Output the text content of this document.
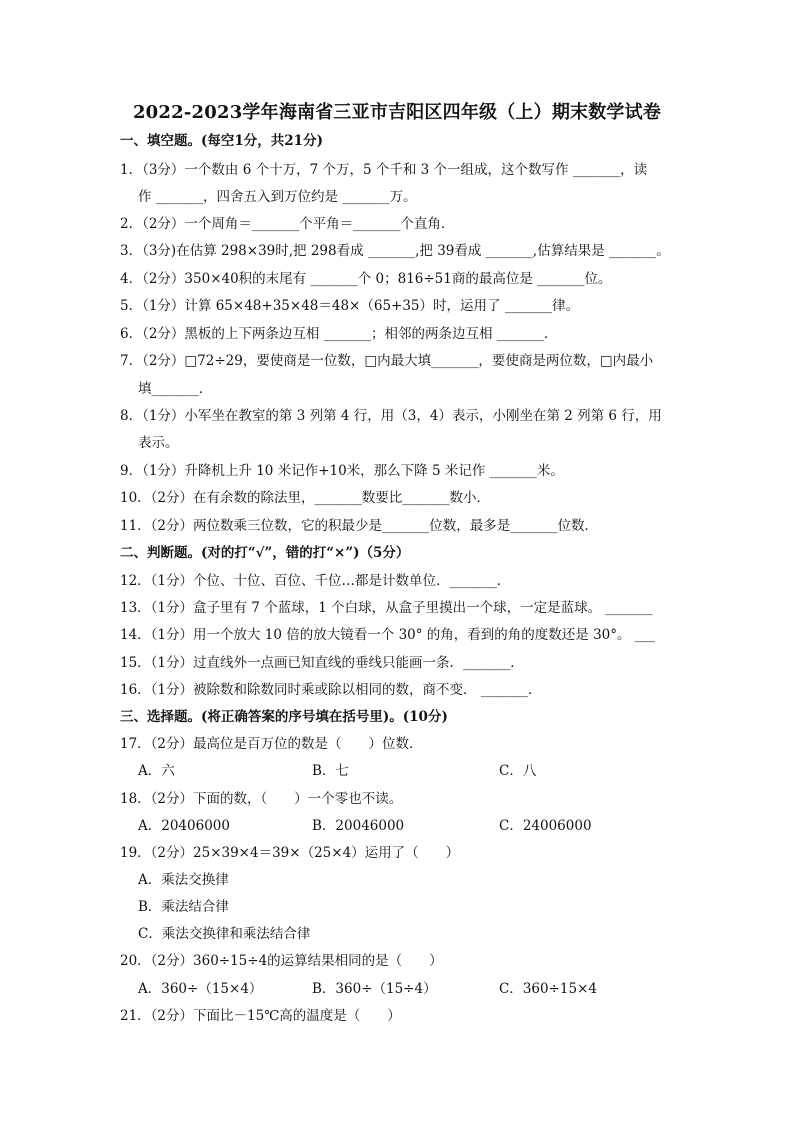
2022-2023学年海南省三亚市吉阳区四年级（上）期末数学试卷
一、填空题。(每空1分，共21分)
1．（3分）一个数由 6 个十万，7 个万，5 个千和 3 个一组成，这个数写作 _______，读
作 _______，四舍五入到万位约是 _______万。
2．（2分）一个周角＝_______个平角＝_______个直角．
3．（3分)在估算 298×39时,把 298看成 _______,把 39看成 _______,估算结果是 _______。
4．（2分）350×40积的末尾有 _______个 0；816÷51商的最高位是 _______位。
5．（1分）计算 65×48+35×48＝48×（65+35）时，运用了 _______律。
6．（2分）黑板的上下两条边互相 _______；相邻的两条边互相 _______．
7．（2分）□72÷29，要使商是一位数，□内最大填_______，要使商是两位数，□内最小
填_______．
8．（1分）小军坐在教室的第 3 列第 4 行，用（3，4）表示，小刚坐在第 2 列第 6 行，用
表示。
9．（1分）升降机上升 10 米记作+10米，那么下降 5 米记作 _______米。
10．（2分）在有余数的除法里，_______数要比_______数小．
11．（2分）两位数乘三位数，它的积最少是_______位数，最多是_______位数．
二、判断题。(对的打“√”，错的打“×”)（5分）
12．（1分）个位、十位、百位、千位…都是计数单位．_______．
13．（1分）盒子里有 7 个蓝球，1 个白球，从盒子里摸出一个球，一定是蓝球。 _______
14．（1分）用一个放大 10 倍的放大镜看一个 30° 的角，看到的角的度数还是 30°。 ___
15．（1分）过直线外一点画已知直线的垂线只能画一条．_______．
16．（1分）被除数和除数同时乘或除以相同的数，商不变． _______．
三、选择题。(将正确答案的序号填在括号里)。(10分)
17．（2分）最高位是百万位的数是（　　）位数．
A．六	B．七	C．八
18．（2分）下面的数，（　　）一个零也不读。
A．20406000	B．20046000	C．24006000
19．（2分）25×39×4＝39×（25×4）运用了（　　）
A．乘法交换律
B．乘法结合律
C．乘法交换律和乘法结合律
20．（2分）360÷15÷4的运算结果相同的是（　　）
A．360÷（15×4）	B．360÷（15÷4）	C．360÷15×4
21．（2分）下面比－15℃高的温度是（　　）
